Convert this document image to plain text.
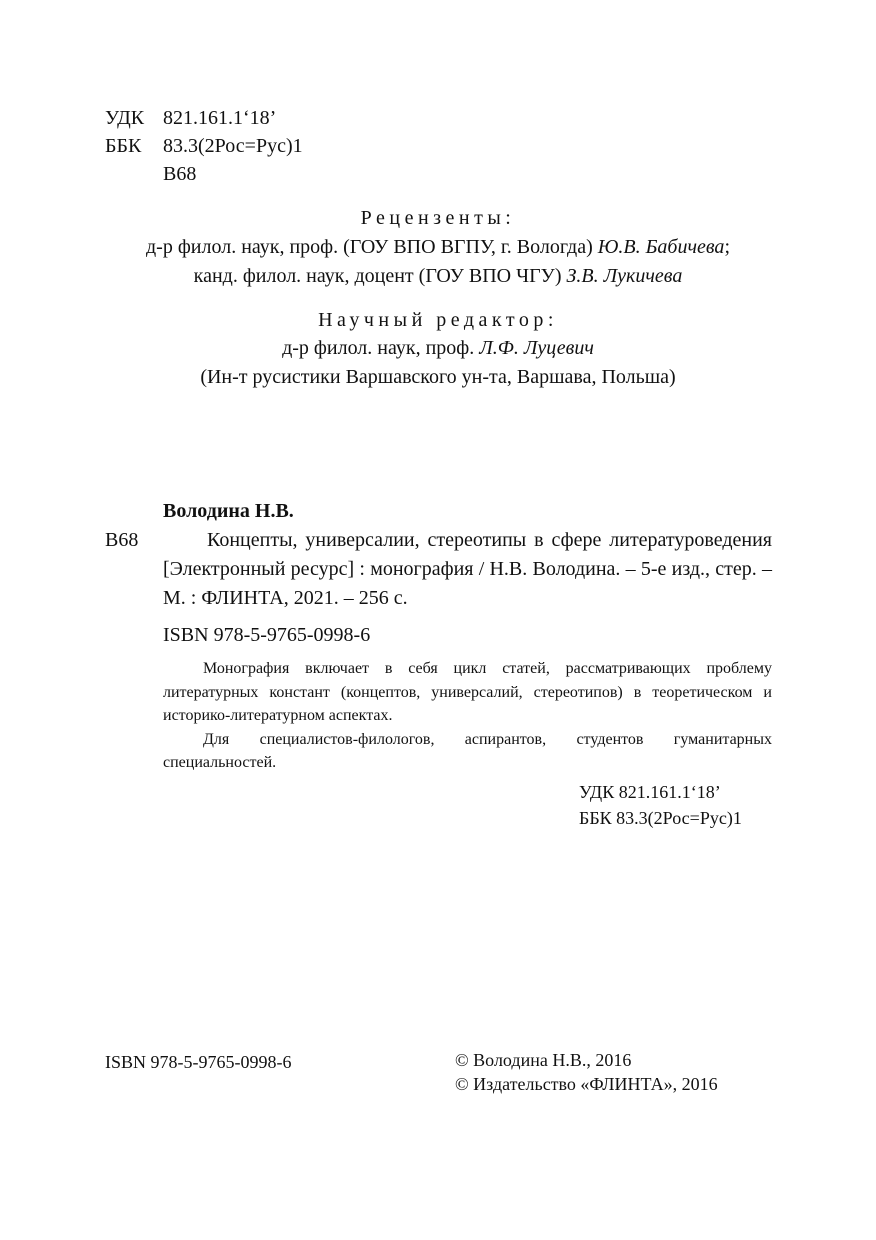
УДК 821.161.1‘18’
ББК 83.3(2Рос=Рус)1
В68
Рецензенты:
д-р филол. наук, проф. (ГОУ ВПО ВГПУ, г. Вологда) Ю.В. Бабичева;
канд. филол. наук, доцент (ГОУ ВПО ЧГУ) З.В. Лукичева
Научный редактор:
д-р филол. наук, проф. Л.Ф. Луцевич
(Ин-т русистики Варшавского ун-та, Варшава, Польша)
Володина Н.В.
В68	Концепты, универсалии, стереотипы в сфере литературоведения [Электронный ресурс] : монография / Н.В. Володина. – 5-е изд., стер. – М. : ФЛИНТА, 2021. – 256 с.
ISBN 978-5-9765-0998-6

Монография включает в себя цикл статей, рассматривающих проблему литературных констант (концептов, универсалий, стереотипов) в теоретическом и историко-литературном аспектах.

Для специалистов-филологов, аспирантов, студентов гуманитарных специальностей.

УДК 821.161.1‘18’
ББК 83.3(2Рос=Рус)1
ISBN 978-5-9765-0998-6	© Володина Н.В., 2016
© Издательство «ФЛИНТА», 2016
